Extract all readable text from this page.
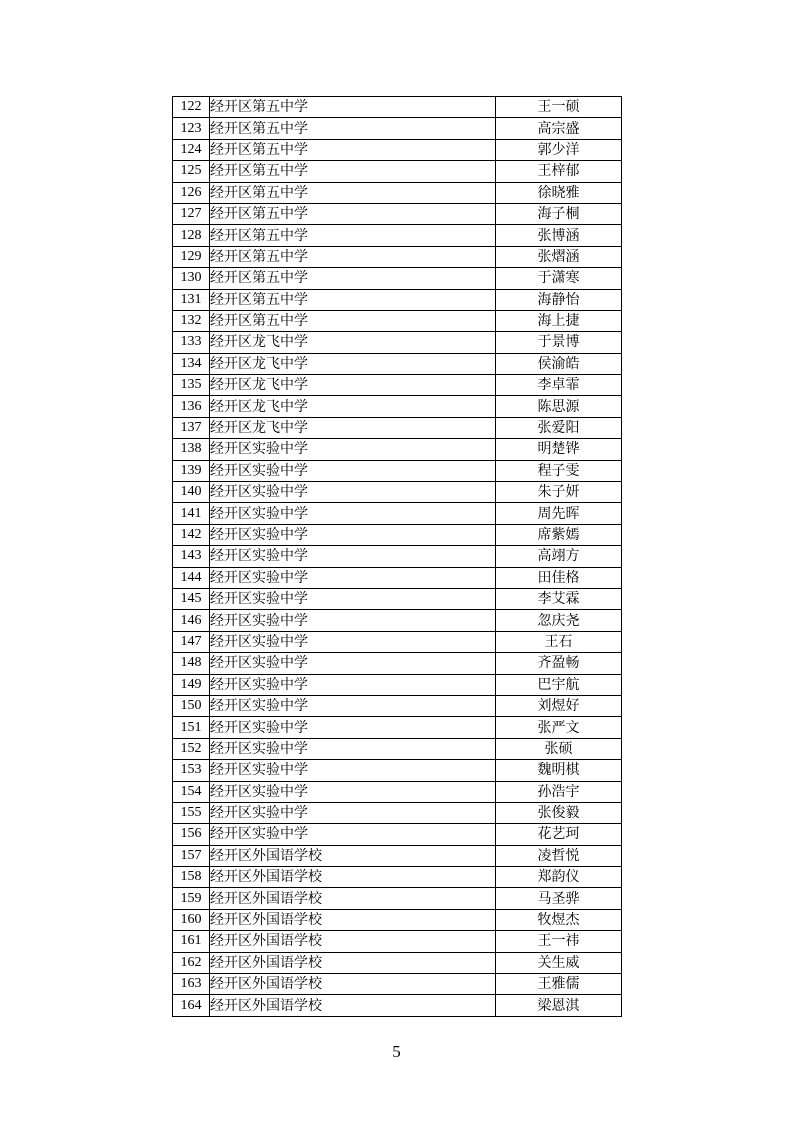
122	经开区第五中学	王一硕
123	经开区第五中学	高宗盛
124	经开区第五中学	郭少洋
125	经开区第五中学	王梓郁
126	经开区第五中学	徐晓雅
127	经开区第五中学	海子桐
128	经开区第五中学	张博涵
129	经开区第五中学	张熠涵
130	经开区第五中学	于潇寒
131	经开区第五中学	海静怡
132	经开区第五中学	海上捷
133	经开区龙飞中学	于景博
134	经开区龙飞中学	侯渝皓
135	经开区龙飞中学	李卓霏
136	经开区龙飞中学	陈思源
137	经开区龙飞中学	张爱阳
138	经开区实验中学	明楚铧
139	经开区实验中学	程子雯
140	经开区实验中学	朱子妍
141	经开区实验中学	周先晖
142	经开区实验中学	席紫嫣
143	经开区实验中学	高翊方
144	经开区实验中学	田佳格
145	经开区实验中学	李艾霖
146	经开区实验中学	忽庆尧
147	经开区实验中学	王石
148	经开区实验中学	齐盈畅
149	经开区实验中学	巴宇航
150	经开区实验中学	刘煜好
151	经开区实验中学	张严文
152	经开区实验中学	张硕
153	经开区实验中学	魏明棋
154	经开区实验中学	孙浩宇
155	经开区实验中学	张俊毅
156	经开区实验中学	花艺珂
157	经开区外国语学校	凌哲悦
158	经开区外国语学校	郑韵仪
159	经开区外国语学校	马圣骅
160	经开区外国语学校	牧煜杰
161	经开区外国语学校	王一祎
162	经开区外国语学校	关生威
163	经开区外国语学校	王雅儒
164	经开区外国语学校	梁恩淇
5
